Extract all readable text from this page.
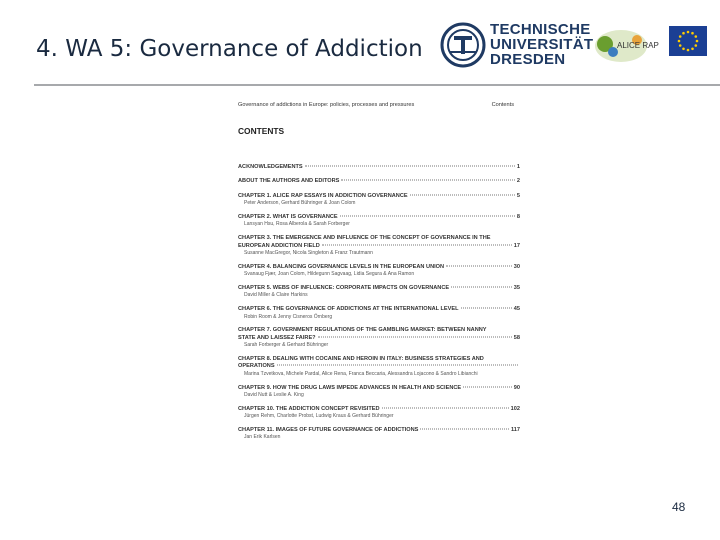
4. WA 5: Governance of Addiction
TECHNISCHE
UNIVERSITÄT
DRESDEN
ALICE RAP
Governance of addictions in Europe: policies, processes and pressures	Contents
CONTENTS
ACKNOWLEDGEMENTS	1
ABOUT THE AUTHORS AND EDITORS	2
CHAPTER 1. ALICE RAP ESSAYS IN ADDICTION GOVERNANCE	5
Peter Anderson, Gerhard Bühringer & Joan Colom
CHAPTER 2. WHAT IS GOVERNANCE	8
Lansyan Hsu, Rosa Alberola & Sarah Forberger
CHAPTER 3. THE EMERGENCE AND INFLUENCE OF THE CONCEPT OF GOVERNANCE IN THE
EUROPEAN ADDICTION FIELD	17
Susanne MacGregor, Nicola Singleton & Franz Trautmann
CHAPTER 4. BALANCING GOVERNANCE LEVELS IN THE EUROPEAN UNION	30
Svanaug Fjær, Joan Colom, Hildegunn Sagvaag, Lidia Segura & Ana Ramon
CHAPTER 5. WEBS OF INFLUENCE: CORPORATE IMPACTS ON GOVERNANCE	35
David Miller & Claire Harkins
CHAPTER 6. THE GOVERNANCE OF ADDICTIONS AT THE INTERNATIONAL LEVEL	45
Robin Room & Jenny Cisneros Örnberg
CHAPTER 7. GOVERNMENT REGULATIONS OF THE GAMBLING MARKET: BETWEEN NANNY
STATE AND LAISSEZ FAIRE?	58
Sarah Forberger & Gerhard Bühringer
CHAPTER 8. DEALING WITH COCAINE AND HEROIN IN ITALY: BUSINESS STRATEGIES AND
OPERATIONS
Marina Tzvetkova, Michele Pardal, Alice Rena, Franca Beccaria, Alessandra Lojacono & Sandro Libianchi
CHAPTER 9. HOW THE DRUG LAWS IMPEDE ADVANCES IN HEALTH AND SCIENCE	90
David Nutt & Leslie A. King
CHAPTER 10. THE ADDICTION CONCEPT REVISITED	102
Jürgen Rehm, Charlotte Probst, Ludwig Kraus & Gerhard Bühringer
CHAPTER 11. IMAGES OF FUTURE GOVERNANCE OF ADDICTIONS	117
Jan Erik Karlsen
48
